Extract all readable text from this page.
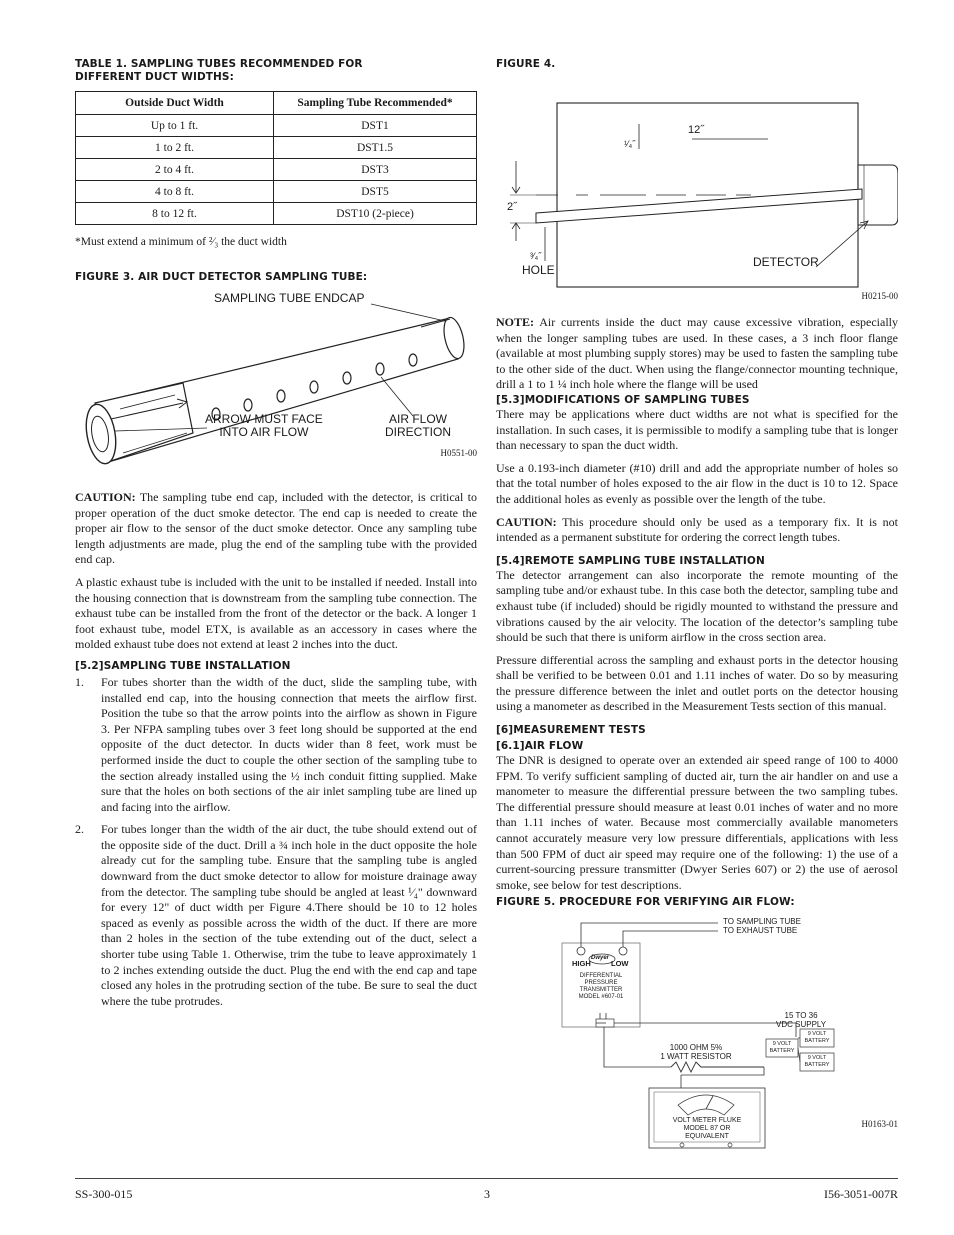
TABLE 1. SAMPLING TUBES RECOMMENDED FOR DIFFERENT DUCT WIDTHS:
Outside Duct Width	Sampling Tube Recommended*
Up to 1 ft.	DST1
1 to 2 ft.	DST1.5
2 to 4 ft.	DST3
4 to 8 ft.	DST5
8 to 12 ft.	DST10 (2-piece)
*Must extend a minimum of ²⁄₃ the duct width
FIGURE 3. AIR DUCT DETECTOR SAMPLING TUBE:
SAMPLING TUBE ENDCAP
ARROW MUST FACE
INTO AIR FLOW
AIR FLOW
DIRECTION
H0551-00
CAUTION: The sampling tube end cap, included with the detector, is critical to proper operation of the duct smoke detector. The end cap is needed to create the proper air flow to the sensor of the duct smoke detector. Once any sampling tube length adjustments are made, plug the end of the sampling tube with the provided end cap.
A plastic exhaust tube is included with the unit to be installed if needed. Install into the housing connection that is downstream from the sampling tube connection. The exhaust tube can be installed from the front of the detector or the back. A longer 1 foot exhaust tube, model ETX, is available as an accessory in cases where the molded exhaust tube does not extend at least 2 inches into the duct.
[5.2]SAMPLING TUBE INSTALLATION
1. For tubes shorter than the width of the duct, slide the sampling tube, with installed end cap, into the housing connection that meets the airflow first. Position the tube so that the arrow points into the airflow as shown in Figure 3. Per NFPA sampling tubes over 3 feet long should be supported at the end opposite of the duct detector. In ducts wider than 8 feet, work must be performed inside the duct to couple the other section of the sampling tube to the section already installed using the ½ inch conduit fitting supplied. Make sure that the holes on both sections of the air inlet sampling tube are lined up and facing into the airflow.
2. For tubes longer than the width of the air duct, the tube should extend out of the opposite side of the duct. Drill a ¾ inch hole in the duct opposite the hole already cut for the sampling tube. Ensure that the sampling tube is angled downward from the duct smoke detector to allow for moisture drainage away from the detector. The sampling tube should be angled at least ¹⁄₄" downward for every 12" of duct width per Figure 4.There should be 10 to 12 holes spaced as evenly as possible across the width of the duct. If there are more than 2 holes in the section of the tube extending out of the duct, select a shorter tube using Table 1. Otherwise, trim the tube to leave approximately 1 to 2 inches extending outside the duct. Plug the end with the end cap and tape closed any holes in the protruding section of the tube. Be sure to seal the duct where the tube protrudes.
FIGURE 4.
12˝
¹⁄₄˝
2˝
³⁄₄˝
HOLE
DETECTOR
H0215-00
NOTE: Air currents inside the duct may cause excessive vibration, especially when the longer sampling tubes are used. In these cases, a 3 inch floor flange (available at most plumbing supply stores) may be used to fasten the sampling tube to the other side of the duct. When using the flange/connector mounting technique, drill a 1 to 1 ¼ inch hole where the flange will be used
[5.3]MODIFICATIONS OF SAMPLING TUBES
There may be applications where duct widths are not what is specified for the installation. In such cases, it is permissible to modify a sampling tube that is longer than necessary to span the duct width.
Use a 0.193-inch diameter (#10) drill and add the appropriate number of holes so that the total number of holes exposed to the air flow in the duct is 10 to 12. Space the additional holes as evenly as possible over the length of the tube.
CAUTION: This procedure should only be used as a temporary fix. It is not intended as a permanent substitute for ordering the correct length tubes.
[5.4]REMOTE SAMPLING TUBE INSTALLATION
The detector arrangement can also incorporate the remote mounting of the sampling tube and/or exhaust tube. In this case both the detector, sampling tube and exhaust tube (if included) should be rigidly mounted to withstand the pressure and vibrations caused by the air velocity. The location of the detector’s sampling tube should be such that there is uniform airflow in the cross section area.
Pressure differential across the sampling and exhaust ports in the detector housing shall be verified to be between 0.01 and 1.11 inches of water. Do so by measuring the pressure difference between the inlet and outlet ports on the detector housing using a manometer as described in the Measurement Tests section of this manual.
[6]MEASUREMENT TESTS
[6.1]AIR FLOW
The DNR is designed to operate over an extended air speed range of 100 to 4000 FPM. To verify sufficient sampling of ducted air, turn the air handler on and use a manometer to measure the differential pressure between the two sampling tubes. The differential pressure should measure at least 0.01 inches of water and no more than 1.11 inches of water. Because most commercially available manometers cannot accurately measure very low pressure differentials, applications with less than 500 FPM of duct air speed may require one of the following: 1) the use of a current-sourcing pressure transmitter (Dwyer Series 607) or 2) the use of aerosol smoke, see below for test descriptions.
FIGURE 5. PROCEDURE FOR VERIFYING AIR FLOW:
TO SAMPLING TUBE
TO EXHAUST TUBE
HIGH	LOW
Dwyer
DIFFERENTIAL
PRESSURE
TRANSMITTER
MODEL #607-01
15 TO 36
VDC SUPPLY
1000 OHM 5%
1 WATT RESISTOR
9 VOLT
BATTERY
9 VOLT
BATTERY
9 VOLT
BATTERY
VOLT METER FLUKE
MODEL 87 OR
EQUIVALENT
H0163-01
SS-300-015	3	I56-3051-007R
